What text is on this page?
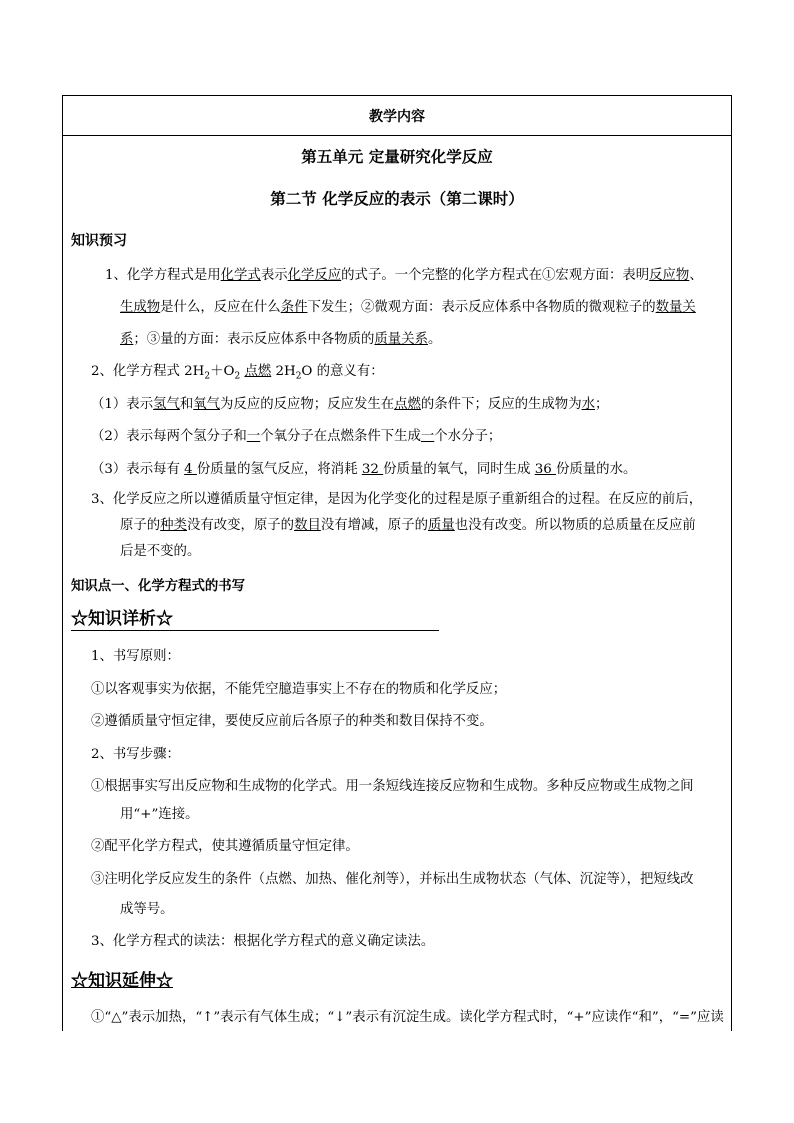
教学内容
第五单元 定量研究化学反应
第二节 化学反应的表示（第二课时）
知识预习
1、化学方程式是用化学式表示化学反应的式子。一个完整的化学方程式在①宏观方面：表明反应物、
生成物是什么，反应在什么条件下发生；②微观方面：表示反应体系中各物质的微观粒子的数量关
系；③量的方面：表示反应体系中各物质的质量关系。
2、化学方程式 $2H_2+O_2$ 点燃 $2H_2O$ 的意义有：
（1）表示氢气和氧气为反应的反应物；反应发生在点燃的条件下；反应的生成物为水；
（2）表示每两个氢分子和一个氧分子在点燃条件下生成一个水分子；
（3）表示每有 4 份质量的氢气反应，将消耗 32 份质量的氧气，同时生成 36 份质量的水。
3、化学反应之所以遵循质量守恒定律，是因为化学变化的过程是原子重新组合的过程。在反应的前后，
原子的种类没有改变，原子的数目没有增减，原子的质量也没有改变。所以物质的总质量在反应前
后是不变的。
知识点一、化学方程式的书写
☆知识详析☆
1、书写原则：
①以客观事实为依据，不能凭空臆造事实上不存在的物质和化学反应；
②遵循质量守恒定律，要使反应前后各原子的种类和数目保持不变。
2、书写步骤：
①根据事实写出反应物和生成物的化学式。用一条短线连接反应物和生成物。多种反应物或生成物之间
用“+”连接。
②配平化学方程式，使其遵循质量守恒定律。
③注明化学反应发生的条件（点燃、加热、催化剂等），并标出生成物状态（气体、沉淀等），把短线改
成等号。
3、化学方程式的读法：根据化学方程式的意义确定读法。
☆知识延伸☆
①“△”表示加热，“↑”表示有气体生成；“↓”表示有沉淀生成。读化学方程式时，“+”应读作“和”，“=”应读
